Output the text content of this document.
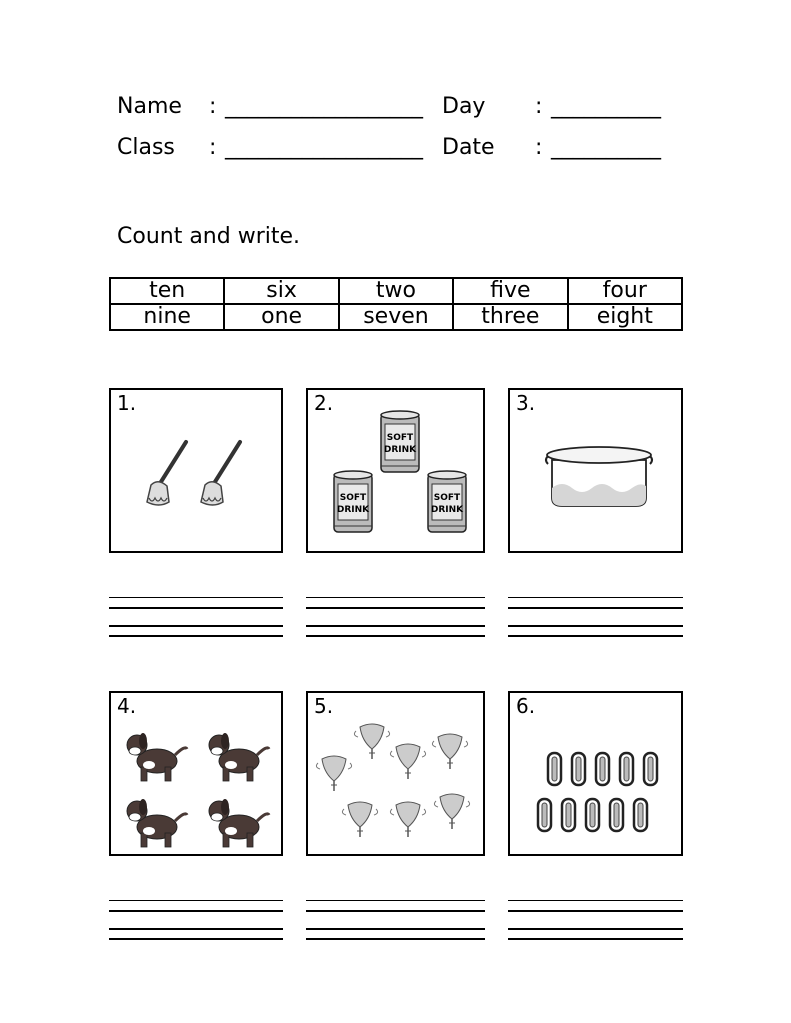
Name : __________________ Day : __________
Class : __________________ Date : __________
Count and write.
ten	six	two	five	four
nine	one	seven	three	eight
1.
SOFT
DRINK
SOFT
DRINK
SOFT
DRINK
2.	3.
4.	5.	6.
